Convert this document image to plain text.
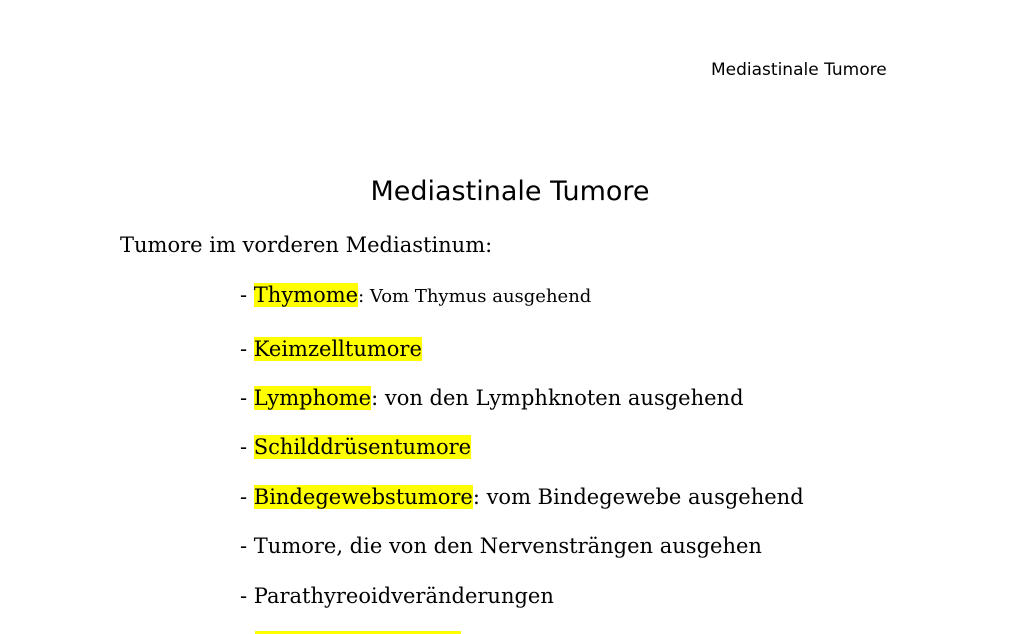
Mediastinale Tumore
Mediastinale Tumore
Tumore im vorderen Mediastinum:
- Thymome: Vom Thymus ausgehend
- Keimzelltumore
- Lymphome: von den Lymphknoten ausgehend
- Schilddrüsentumore
- Bindegewebstumore: vom Bindegewebe ausgehend
- Tumore, die von den Nervensträngen ausgehen
- Parathyreoidveränderungen
